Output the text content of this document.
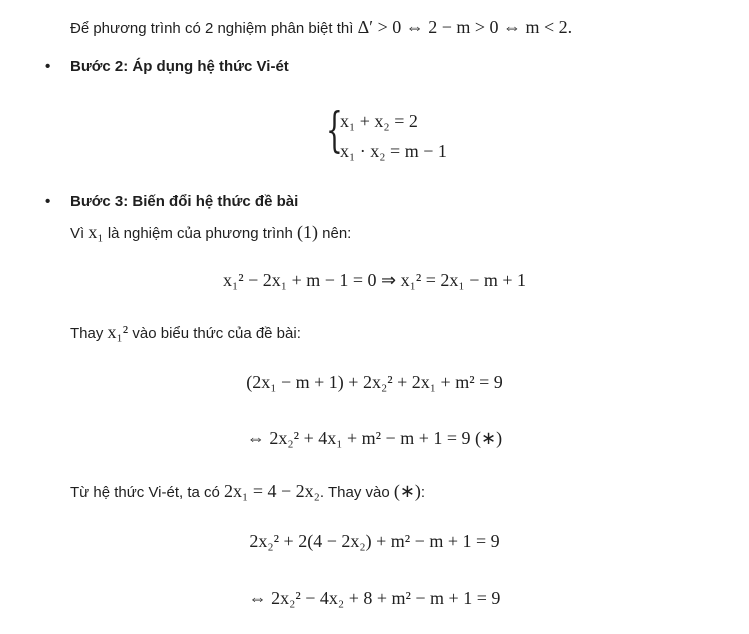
Để phương trình có 2 nghiệm phân biệt thì Δ′ > 0 ⇔ 2 − m > 0 ⇔ m < 2.
• Bước 2: Áp dụng hệ thức Vi-ét
{
x₁ + x₂ = 2
x₁ · x₂ = m − 1
• Bước 3: Biến đổi hệ thức đề bài
Vì x₁ là nghiệm của phương trình (1) nên:
x₁² − 2x₁ + m − 1 = 0 ⇒ x₁² = 2x₁ − m + 1
Thay x₁² vào biểu thức của đề bài:
(2x₁ − m + 1) + 2x₂² + 2x₁ + m² = 9
⇔ 2x₂² + 4x₁ + m² − m + 1 = 9 (∗)
Từ hệ thức Vi-ét, ta có 2x₁ = 4 − 2x₂. Thay vào (∗):
2x₂² + 2(4 − 2x₂) + m² − m + 1 = 9
⇔ 2x₂² − 4x₂ + 8 + m² − m + 1 = 9
